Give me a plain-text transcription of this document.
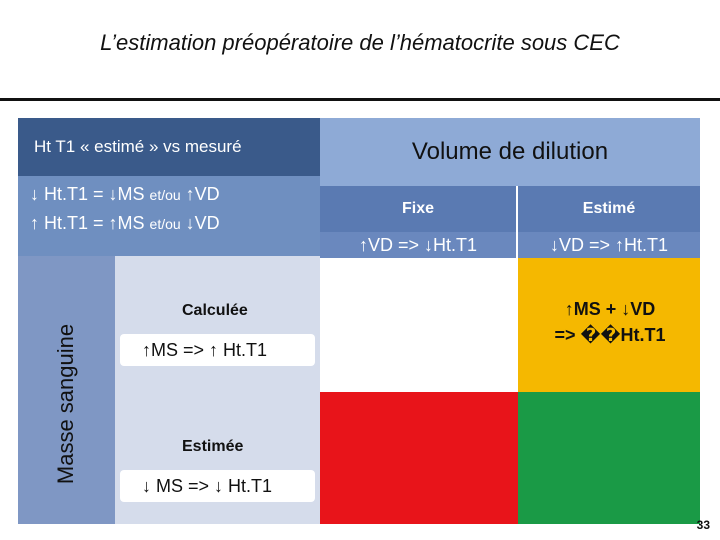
L’estimation préopératoire de l’hématocrite sous CEC
Ht T1 « estimé » vs mesuré
↓ Ht.T1 = ↓MS et/ou ↑VD
↑ Ht.T1 = ↑MS et/ou ↓VD
Masse sanguine
Calculée
↑MS => ↑ Ht.T1
Estimée
↓ MS => ↓ Ht.T1
Volume de dilution
Fixe	Estimé
↑VD => ↓Ht.T1	↓VD => ↑Ht.T1
↑MS + ↓VD
=> ��Ht.T1
33
